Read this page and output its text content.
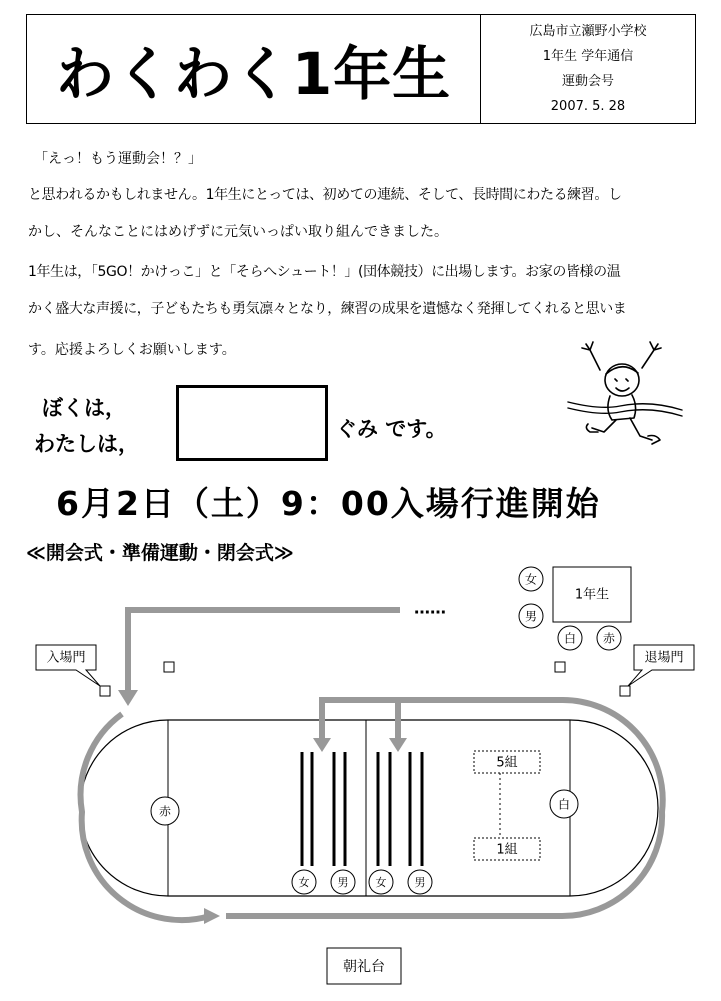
わくわく1年生
広島市立瀬野小学校
1年生 学年通信
運動会号
2007. 5. 28
「えっ！もう運動会！？」
と思われるかもしれません。1年生にとっては、初めての連続、そして、長時間にわたる練習。し
かし、そんなことにはめげずに元気いっぱい取り組んできました。
1年生は，「5GO！かけっこ」と「そらへシュート！」(団体競技）に出場します。お家の皆様の温
かく盛大な声援に，子どもたちも勇気凛々となり，練習の成果を遺憾なく発揮してくれると思いま
す。応援よろしくお願いします。
ぼくは，
わたしは，
ぐみ です。
6月2日（土）9：00入場行進開始
≪開会式・準備運動・閉会式≫
入場門	退場門
1年生
女
男
白 赤
赤	白
女	男 女	男
5組
1組
朝礼台
……
